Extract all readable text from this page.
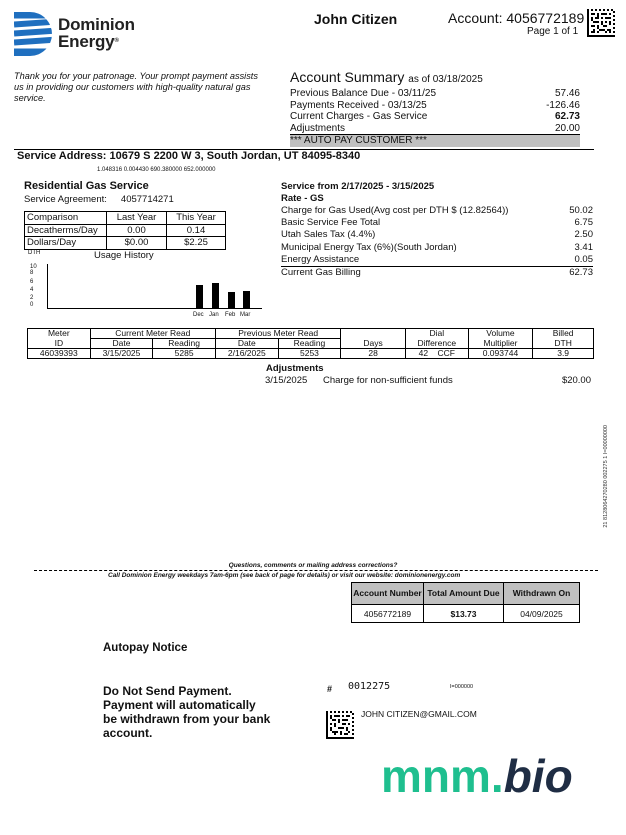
Dominion
Energy®
John Citizen	Account: 4056772189
Page 1 of 1
Thank you for your patronage. Your prompt payment assists us in providing our customers with high-quality natural gas service.
Account Summary as of 03/18/2025
Previous Balance Due - 03/11/25	57.46
Payments Received - 03/13/25	-126.46
Current Charges - Gas Service	62.73
Adjustments	20.00
*** AUTO PAY CUSTOMER ***
Service Address: 10679 S 2200 W 3, South Jordan, UT 84095-8340
1.048316 0.004430 690.380000 652.000000
Residential Gas Service
Service Agreement: 4057714271
Comparison	Last Year	This Year
Decatherms/Day	0.00	0.14
Dollars/Day	$0.00	$2.25
DTH	Usage History
10
8
6
4
2
0
Dec Jan Feb Mar
Service from 2/17/2025 - 3/15/2025
Rate - GS
Charge for Gas Used(Avg cost per DTH $ (12.82564))	50.02
Basic Service Fee Total	6.75
Utah Sales Tax (4.4%)	2.50
Municipal Energy Tax (6%)(South Jordan)	3.41
Energy Assistance	0.05
Current Gas Billing	62.73
Meter	Current Meter Read		Previous Meter Read			Dial	Volume	Billed
ID	Date	Reading	Date	Reading	Days	Difference	Multiplier	DTH
46039393	3/15/2025	5285	2/16/2025	5253	28	42    CCF	0.093744	3.9
Adjustments
3/15/2025	Charge for non-sufficient funds	$20.00
21 8128064270280 002275 1 I=00000000
Questions, comments or mailing address corrections?
Call Dominion Energy weekdays 7am-6pm (see back of page for details) or visit our website: dominionenergy.com
Account Number	Total Amount Due	Withdrawn On
4056772189	$13.73	04/09/2025
Autopay Notice
Do Not Send Payment. Payment will automatically be withdrawn from your bank account.
# 0012275	I=000000
JOHN CITIZEN@GMAIL.COM
mnm.bio
